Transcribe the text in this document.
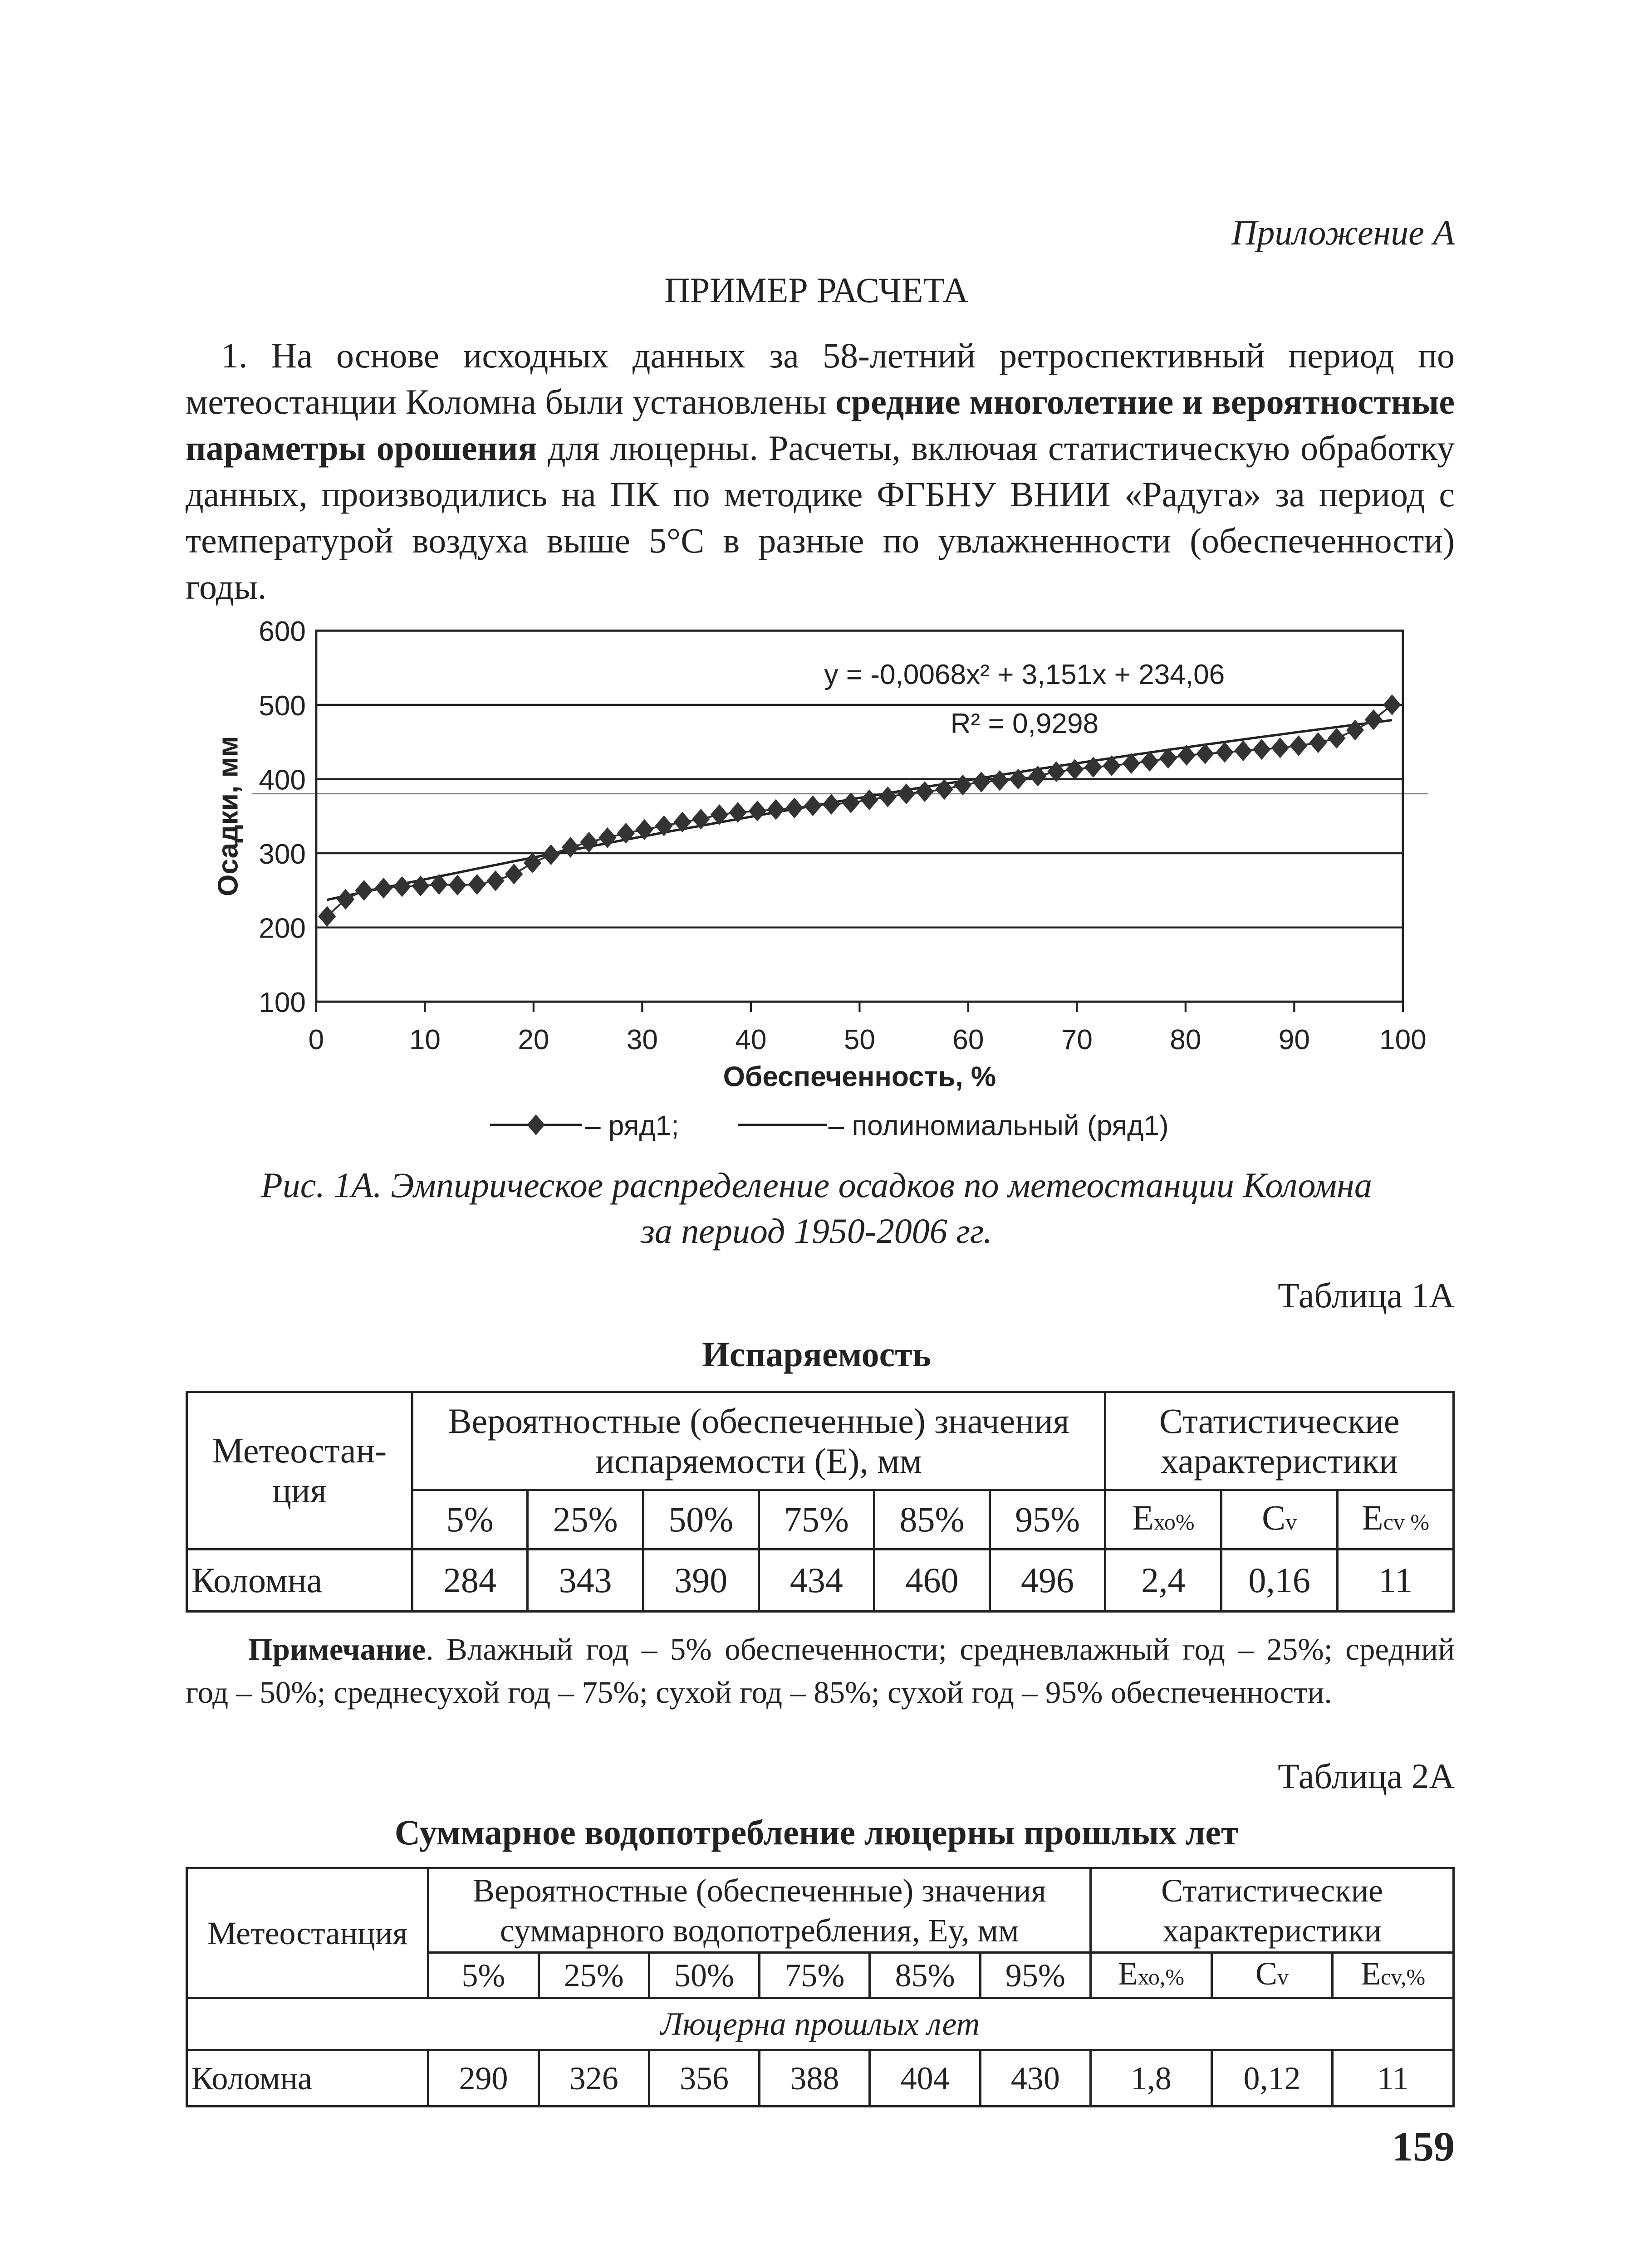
Приложение А
ПРИМЕР РАСЧЕТА
 1. На основе исходных данных за 58-летний ретроспективный период по метеостанции Коломна были установлены средние многолетние и вероятностные параметры орошения для люцерны. Расчеты, включая статистическую обработку данных, производились на ПК по методике ФГБНУ ВНИИ «Радуга» за период с температурой воздуха выше 5°С в разные по увлажненности (обеспеченности) годы.
100
200
300
400
500
600
0	10	20	30	40	50	60	70	80	90	100
Обеспеченность, %
Осадки, мм
y = -0,0068x² + 3,151x + 234,06
R² = 0,9298
– ряд1;	– полиномиальный (ряд1)
Рис. 1А. Эмпирическое распределение осадков по метеостанции Коломна
за период 1950-2006 гг.
Таблица 1А
Испаряемость
Метеостан-ция	Вероятностные (обеспеченные) значения испаряемости (Е), мм						Статистические характеристики		
	5%	25%	50%	75%	85%	95%	Eхо%	Cv	Ecv %
Коломна	284	343	390	434	460	496	2,4	0,16	11
  Примечание. Влажный год – 5% обеспеченности; средневлажный год – 25%; средний год – 50%; среднесухой год – 75%; сухой год – 85%; сухой год – 95% обеспеченности.
Таблица 2А
Суммарное водопотребление люцерны прошлых лет
Метеостанция	Вероятностные (обеспеченные) значения суммарного водопотребления, Еу, мм						Статистические характеристики		
	5%	25%	50%	75%	85%	95%	Eхо,%	Cv	Ecv,%
Люцерна прошлых лет									
Коломна	290	326	356	388	404	430	1,8	0,12	11
159
